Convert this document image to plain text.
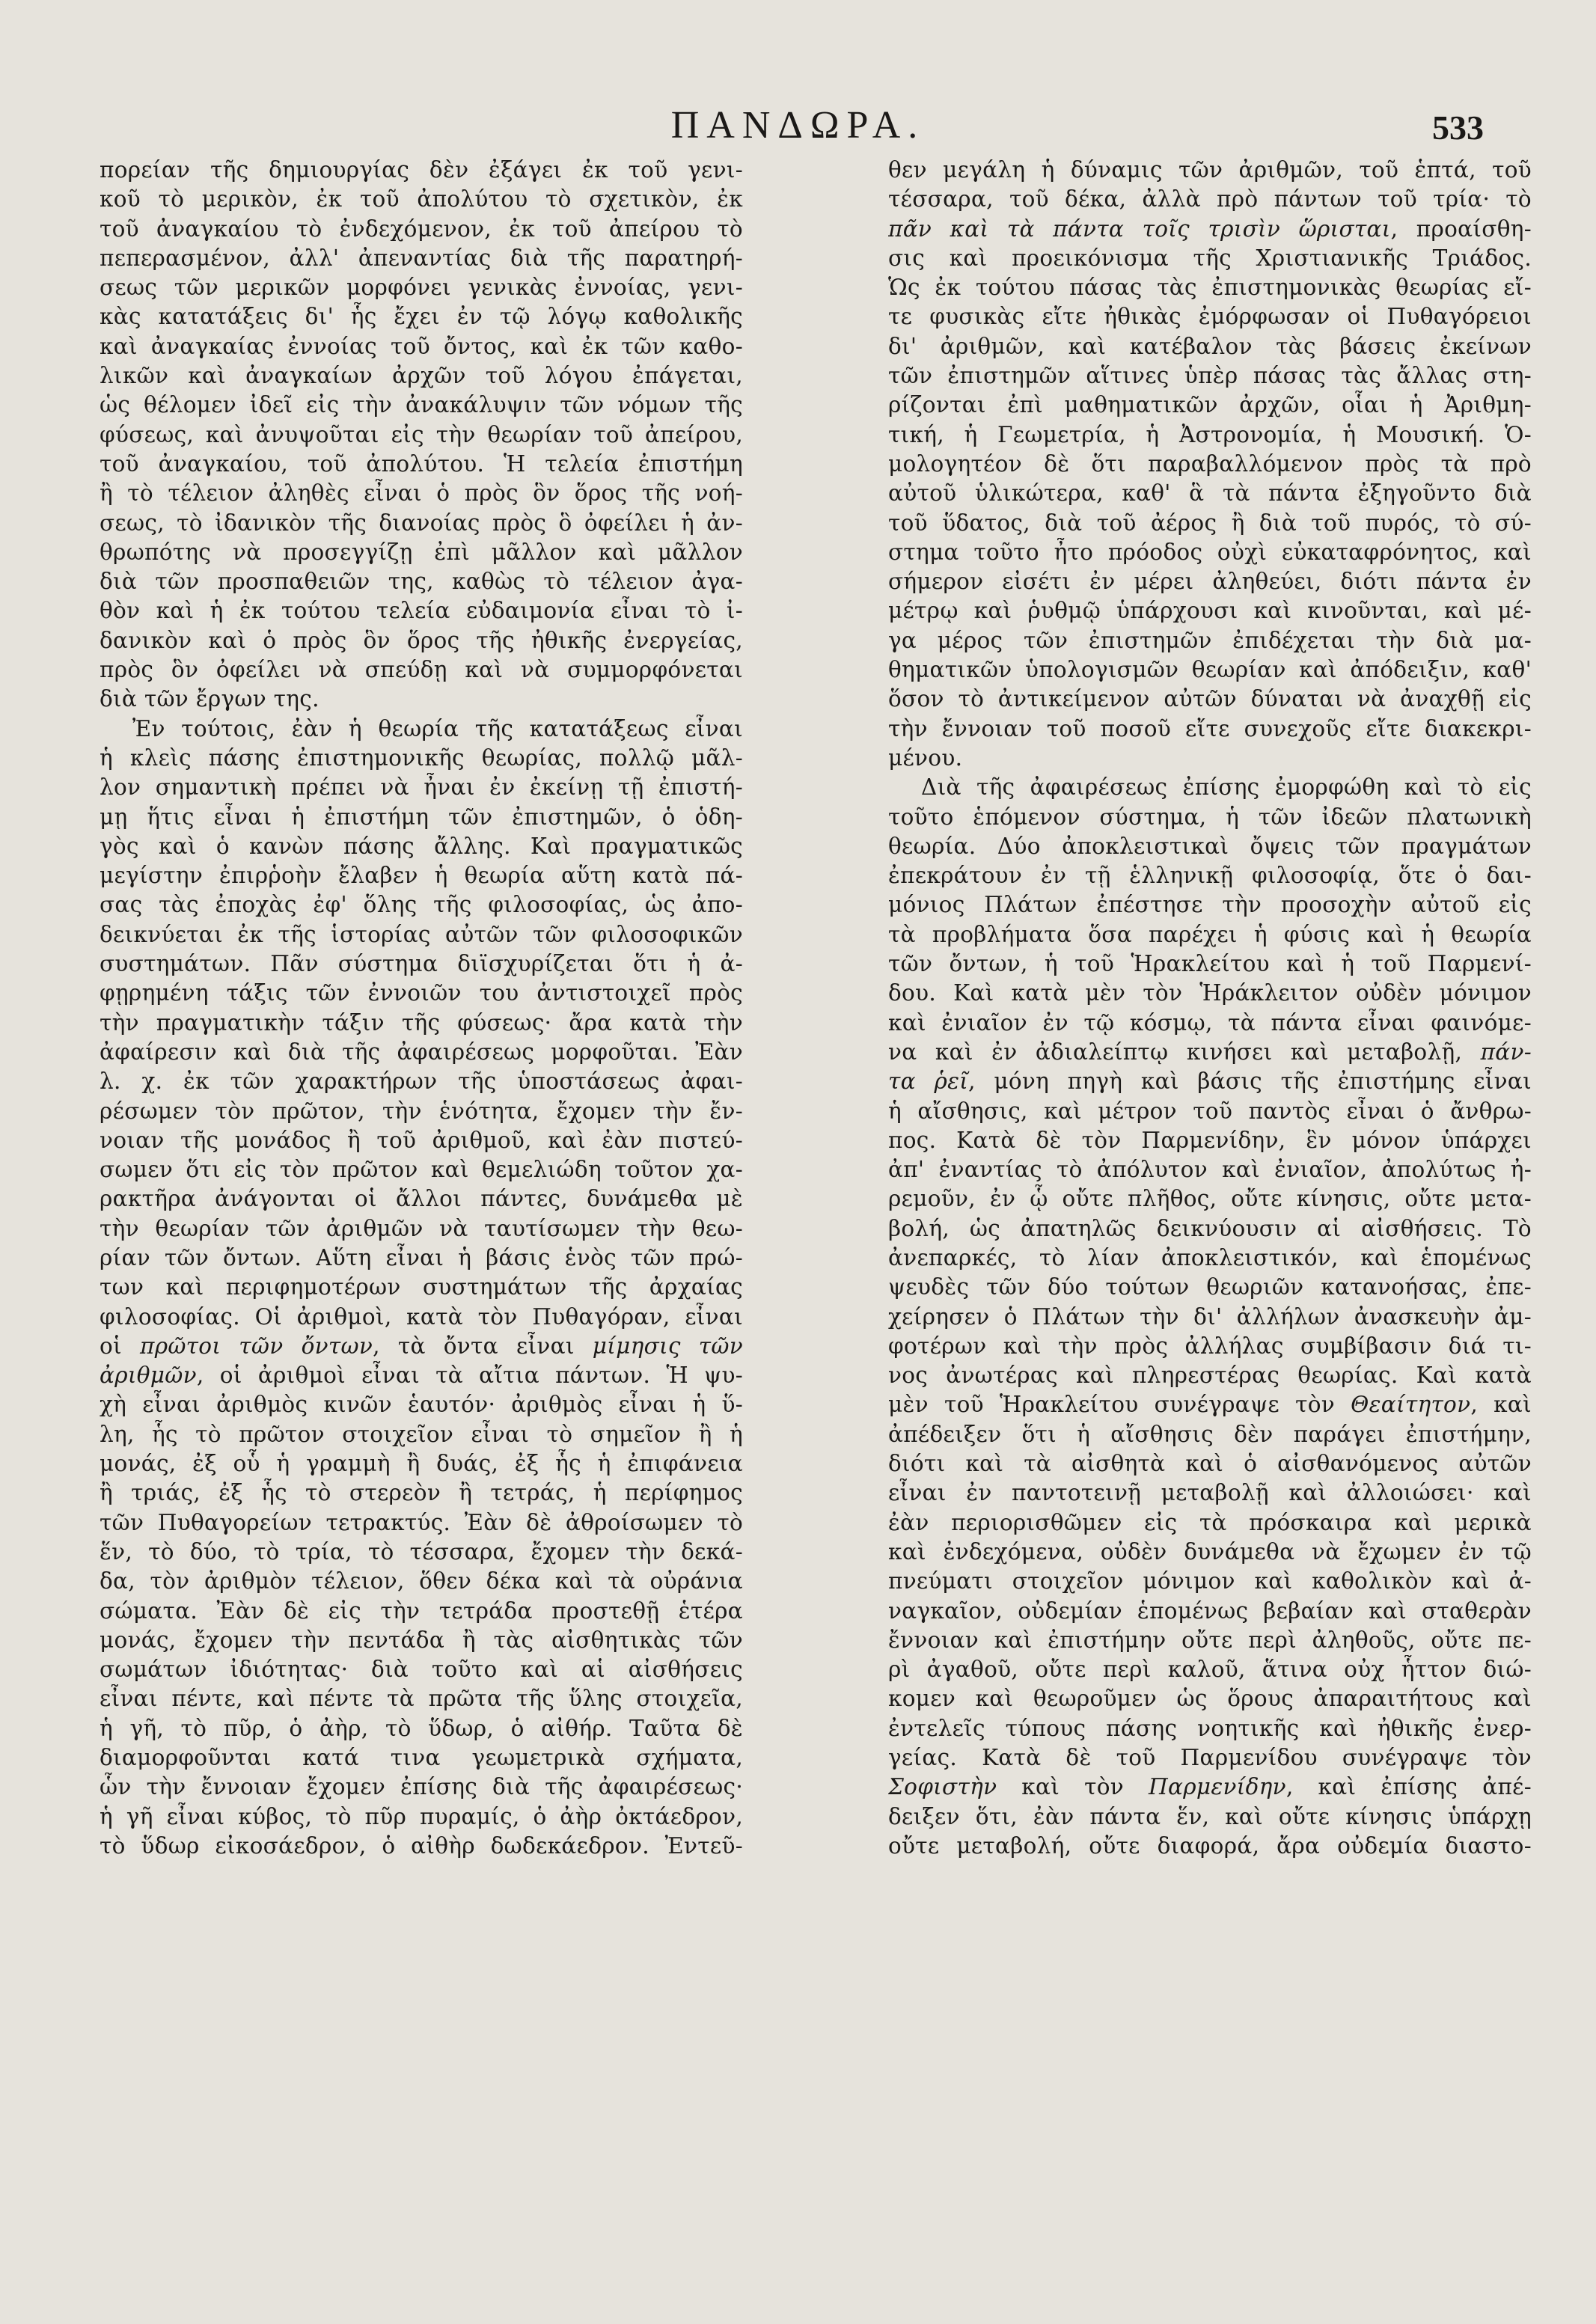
ΠΑΝΔΩΡΑ.	533
πορείαν τῆς δημιουργίας δὲν ἐξάγει ἐκ τοῦ γενι-
κοῦ τὸ μερικὸν, ἐκ τοῦ ἀπολύτου τὸ σχετικὸν, ἐκ
τοῦ ἀναγκαίου τὸ ἐνδεχόμενον, ἐκ τοῦ ἀπείρου τὸ
πεπερασμένον, ἀλλ' ἀπεναντίας διὰ τῆς παρατηρή-
σεως τῶν μερικῶν μορφόνει γενικὰς ἐννοίας, γενι-
κὰς κατατάξεις δι' ἧς ἔχει ἐν τῷ λόγῳ καθολικῆς
καὶ ἀναγκαίας ἐννοίας τοῦ ὄντος, καὶ ἐκ τῶν καθο-
λικῶν καὶ ἀναγκαίων ἀρχῶν τοῦ λόγου ἐπάγεται,
ὡς θέλομεν ἰδεῖ εἰς τὴν ἀνακάλυψιν τῶν νόμων τῆς
φύσεως, καὶ ἀνυψοῦται εἰς τὴν θεωρίαν τοῦ ἀπείρου,
τοῦ ἀναγκαίου, τοῦ ἀπολύτου. Ἡ τελεία ἐπιστήμη
ἢ τὸ τέλειον ἀληθὲς εἶναι ὁ πρὸς ὃν ὅρος τῆς νοή-
σεως, τὸ ἰδανικὸν τῆς διανοίας πρὸς ὃ ὀφείλει ἡ ἀν-
θρωπότης νὰ προσεγγίζῃ ἐπὶ μᾶλλον καὶ μᾶλλον
διὰ τῶν προσπαθειῶν της, καθὼς τὸ τέλειον ἀγα-
θὸν καὶ ἡ ἐκ τούτου τελεία εὐδαιμονία εἶναι τὸ ἰ-
δανικὸν καὶ ὁ πρὸς ὃν ὅρος τῆς ἠθικῆς ἐνεργείας,
πρὸς ὃν ὀφείλει νὰ σπεύδῃ καὶ νὰ συμμορφόνεται
διὰ τῶν ἔργων της.
Ἐν τούτοις, ἐὰν ἡ θεωρία τῆς κατατάξεως εἶναι
ἡ κλεὶς πάσης ἐπιστημονικῆς θεωρίας, πολλῷ μᾶλ-
λον σημαντικὴ πρέπει νὰ ἦναι ἐν ἐκείνῃ τῇ ἐπιστή-
μῃ ἥτις εἶναι ἡ ἐπιστήμη τῶν ἐπιστημῶν, ὁ ὁδη-
γὸς καὶ ὁ κανὼν πάσης ἄλλης. Καὶ πραγματικῶς
μεγίστην ἐπιρῥοὴν ἔλαβεν ἡ θεωρία αὕτη κατὰ πά-
σας τὰς ἐποχὰς ἐφ' ὅλης τῆς φιλοσοφίας, ὡς ἀπο-
δεικνύεται ἐκ τῆς ἱστορίας αὐτῶν τῶν φιλοσοφικῶν
συστημάτων. Πᾶν σύστημα διϊσχυρίζεται ὅτι ἡ ἀ-
φῃρημένη τάξις τῶν ἐννοιῶν του ἀντιστοιχεῖ πρὸς
τὴν πραγματικὴν τάξιν τῆς φύσεως· ἄρα κατὰ τὴν
ἀφαίρεσιν καὶ διὰ τῆς ἀφαιρέσεως μορφοῦται. Ἐὰν
λ. χ. ἐκ τῶν χαρακτήρων τῆς ὑποστάσεως ἀφαι-
ρέσωμεν τὸν πρῶτον, τὴν ἑνότητα, ἔχομεν τὴν ἔν-
νοιαν τῆς μονάδος ἢ τοῦ ἀριθμοῦ, καὶ ἐὰν πιστεύ-
σωμεν ὅτι εἰς τὸν πρῶτον καὶ θεμελιώδη τοῦτον χα-
ρακτῆρα ἀνάγονται οἱ ἄλλοι πάντες, δυνάμεθα μὲ
τὴν θεωρίαν τῶν ἀριθμῶν νὰ ταυτίσωμεν τὴν θεω-
ρίαν τῶν ὄντων. Αὕτη εἶναι ἡ βάσις ἑνὸς τῶν πρώ-
των καὶ περιφημοτέρων συστημάτων τῆς ἀρχαίας
φιλοσοφίας. Οἱ ἀριθμοὶ, κατὰ τὸν Πυθαγόραν, εἶναι
οἱ πρῶτοι τῶν ὄντων, τὰ ὄντα εἶναι μίμησις τῶν
ἀριθμῶν, οἱ ἀριθμοὶ εἶναι τὰ αἴτια πάντων. Ἡ ψυ-
χὴ εἶναι ἀριθμὸς κινῶν ἑαυτόν· ἀριθμὸς εἶναι ἡ ὕ-
λη, ἧς τὸ πρῶτον στοιχεῖον εἶναι τὸ σημεῖον ἢ ἡ
μονάς, ἐξ οὗ ἡ γραμμὴ ἢ δυάς, ἐξ ἧς ἡ ἐπιφάνεια
ἢ τριάς, ἐξ ἧς τὸ στερεὸν ἢ τετράς, ἡ περίφημος
τῶν Πυθαγορείων τετρακτύς. Ἐὰν δὲ ἀθροίσωμεν τὸ
ἕν, τὸ δύο, τὸ τρία, τὸ τέσσαρα, ἔχομεν τὴν δεκά-
δα, τὸν ἀριθμὸν τέλειον, ὅθεν δέκα καὶ τὰ οὐράνια
σώματα. Ἐὰν δὲ εἰς τὴν τετράδα προστεθῇ ἑτέρα
μονάς, ἔχομεν τὴν πεντάδα ἢ τὰς αἰσθητικὰς τῶν
σωμάτων ἰδιότητας· διὰ τοῦτο καὶ αἱ αἰσθήσεις
εἶναι πέντε, καὶ πέντε τὰ πρῶτα τῆς ὕλης στοιχεῖα,
ἡ γῆ, τὸ πῦρ, ὁ ἀὴρ, τὸ ὕδωρ, ὁ αἰθήρ. Ταῦτα δὲ
διαμορφοῦνται κατά τινα γεωμετρικὰ σχήματα,
ὧν τὴν ἔννοιαν ἔχομεν ἐπίσης διὰ τῆς ἀφαιρέσεως·
ἡ γῆ εἶναι κύβος, τὸ πῦρ πυραμίς, ὁ ἀὴρ ὀκτάεδρον,
τὸ ὕδωρ εἰκοσάεδρον, ὁ αἰθὴρ δωδεκάεδρον. Ἐντεῦ-
θεν μεγάλη ἡ δύναμις τῶν ἀριθμῶν, τοῦ ἑπτά, τοῦ
τέσσαρα, τοῦ δέκα, ἀλλὰ πρὸ πάντων τοῦ τρία· τὸ
πᾶν καὶ τὰ πάντα τοῖς τρισὶν ὥρισται, προαίσθη-
σις καὶ προεικόνισμα τῆς Χριστιανικῆς Τριάδος.
Ὡς ἐκ τούτου πάσας τὰς ἐπιστημονικὰς θεωρίας εἴ-
τε φυσικὰς εἴτε ἠθικὰς ἐμόρφωσαν οἱ Πυθαγόρειοι
δι' ἀριθμῶν, καὶ κατέβαλον τὰς βάσεις ἐκείνων
τῶν ἐπιστημῶν αἵτινες ὑπὲρ πάσας τὰς ἄλλας στη-
ρίζονται ἐπὶ μαθηματικῶν ἀρχῶν, οἷαι ἡ Ἀριθμη-
τική, ἡ Γεωμετρία, ἡ Ἀστρονομία, ἡ Μουσική. Ὁ-
μολογητέον δὲ ὅτι παραβαλλόμενον πρὸς τὰ πρὸ
αὐτοῦ ὑλικώτερα, καθ' ἃ τὰ πάντα ἐξηγοῦντο διὰ
τοῦ ὕδατος, διὰ τοῦ ἀέρος ἢ διὰ τοῦ πυρός, τὸ σύ-
στημα τοῦτο ἦτο πρόοδος οὐχὶ εὐκαταφρόνητος, καὶ
σήμερον εἰσέτι ἐν μέρει ἀληθεύει, διότι πάντα ἐν
μέτρῳ καὶ ῥυθμῷ ὑπάρχουσι καὶ κινοῦνται, καὶ μέ-
γα μέρος τῶν ἐπιστημῶν ἐπιδέχεται τὴν διὰ μα-
θηματικῶν ὑπολογισμῶν θεωρίαν καὶ ἀπόδειξιν, καθ'
ὅσον τὸ ἀντικείμενον αὐτῶν δύναται νὰ ἀναχθῇ εἰς
τὴν ἔννοιαν τοῦ ποσοῦ εἴτε συνεχοῦς εἴτε διακεκρι-
μένου.
Διὰ τῆς ἀφαιρέσεως ἐπίσης ἐμορφώθη καὶ τὸ εἰς
τοῦτο ἑπόμενον σύστημα, ἡ τῶν ἰδεῶν πλατωνικὴ
θεωρία. Δύο ἀποκλειστικαὶ ὄψεις τῶν πραγμάτων
ἐπεκράτουν ἐν τῇ ἑλληνικῇ φιλοσοφίᾳ, ὅτε ὁ δαι-
μόνιος Πλάτων ἐπέστησε τὴν προσοχὴν αὐτοῦ εἰς
τὰ προβλήματα ὅσα παρέχει ἡ φύσις καὶ ἡ θεωρία
τῶν ὄντων, ἡ τοῦ Ἡρακλείτου καὶ ἡ τοῦ Παρμενί-
δου. Καὶ κατὰ μὲν τὸν Ἡράκλειτον οὐδὲν μόνιμον
καὶ ἐνιαῖον ἐν τῷ κόσμῳ, τὰ πάντα εἶναι φαινόμε-
να καὶ ἐν ἀδιαλείπτῳ κινήσει καὶ μεταβολῇ, πάν-
τα ῥεῖ, μόνη πηγὴ καὶ βάσις τῆς ἐπιστήμης εἶναι
ἡ αἴσθησις, καὶ μέτρον τοῦ παντὸς εἶναι ὁ ἄνθρω-
πος. Κατὰ δὲ τὸν Παρμενίδην, ἓν μόνον ὑπάρχει
ἀπ' ἐναντίας τὸ ἀπόλυτον καὶ ἐνιαῖον, ἀπολύτως ἠ-
ρεμοῦν, ἐν ᾧ οὔτε πλῆθος, οὔτε κίνησις, οὔτε μετα-
βολή, ὡς ἀπατηλῶς δεικνύουσιν αἱ αἰσθήσεις. Τὸ
ἀνεπαρκές, τὸ λίαν ἀποκλειστικόν, καὶ ἑπομένως
ψευδὲς τῶν δύο τούτων θεωριῶν κατανοήσας, ἐπε-
χείρησεν ὁ Πλάτων τὴν δι' ἀλλήλων ἀνασκευὴν ἀμ-
φοτέρων καὶ τὴν πρὸς ἀλλήλας συμβίβασιν διά τι-
νος ἀνωτέρας καὶ πληρεστέρας θεωρίας. Καὶ κατὰ
μὲν τοῦ Ἡρακλείτου συνέγραψε τὸν Θεαίτητον, καὶ
ἀπέδειξεν ὅτι ἡ αἴσθησις δὲν παράγει ἐπιστήμην,
διότι καὶ τὰ αἰσθητὰ καὶ ὁ αἰσθανόμενος αὐτῶν
εἶναι ἐν παντοτεινῇ μεταβολῇ καὶ ἀλλοιώσει· καὶ
ἐὰν περιορισθῶμεν εἰς τὰ πρόσκαιρα καὶ μερικὰ
καὶ ἐνδεχόμενα, οὐδὲν δυνάμεθα νὰ ἔχωμεν ἐν τῷ
πνεύματι στοιχεῖον μόνιμον καὶ καθολικὸν καὶ ἀ-
ναγκαῖον, οὐδεμίαν ἑπομένως βεβαίαν καὶ σταθερὰν
ἔννοιαν καὶ ἐπιστήμην οὔτε περὶ ἀληθοῦς, οὔτε πε-
ρὶ ἀγαθοῦ, οὔτε περὶ καλοῦ, ἅτινα οὐχ ἧττον διώ-
κομεν καὶ θεωροῦμεν ὡς ὅρους ἀπαραιτήτους καὶ
ἐντελεῖς τύπους πάσης νοητικῆς καὶ ἠθικῆς ἐνερ-
γείας. Κατὰ δὲ τοῦ Παρμενίδου συνέγραψε τὸν
Σοφιστὴν καὶ τὸν Παρμενίδην, καὶ ἐπίσης ἀπέ-
δειξεν ὅτι, ἐὰν πάντα ἕν, καὶ οὔτε κίνησις ὑπάρχῃ
οὔτε μεταβολή, οὔτε διαφορά, ἄρα οὐδεμία διαστο-
